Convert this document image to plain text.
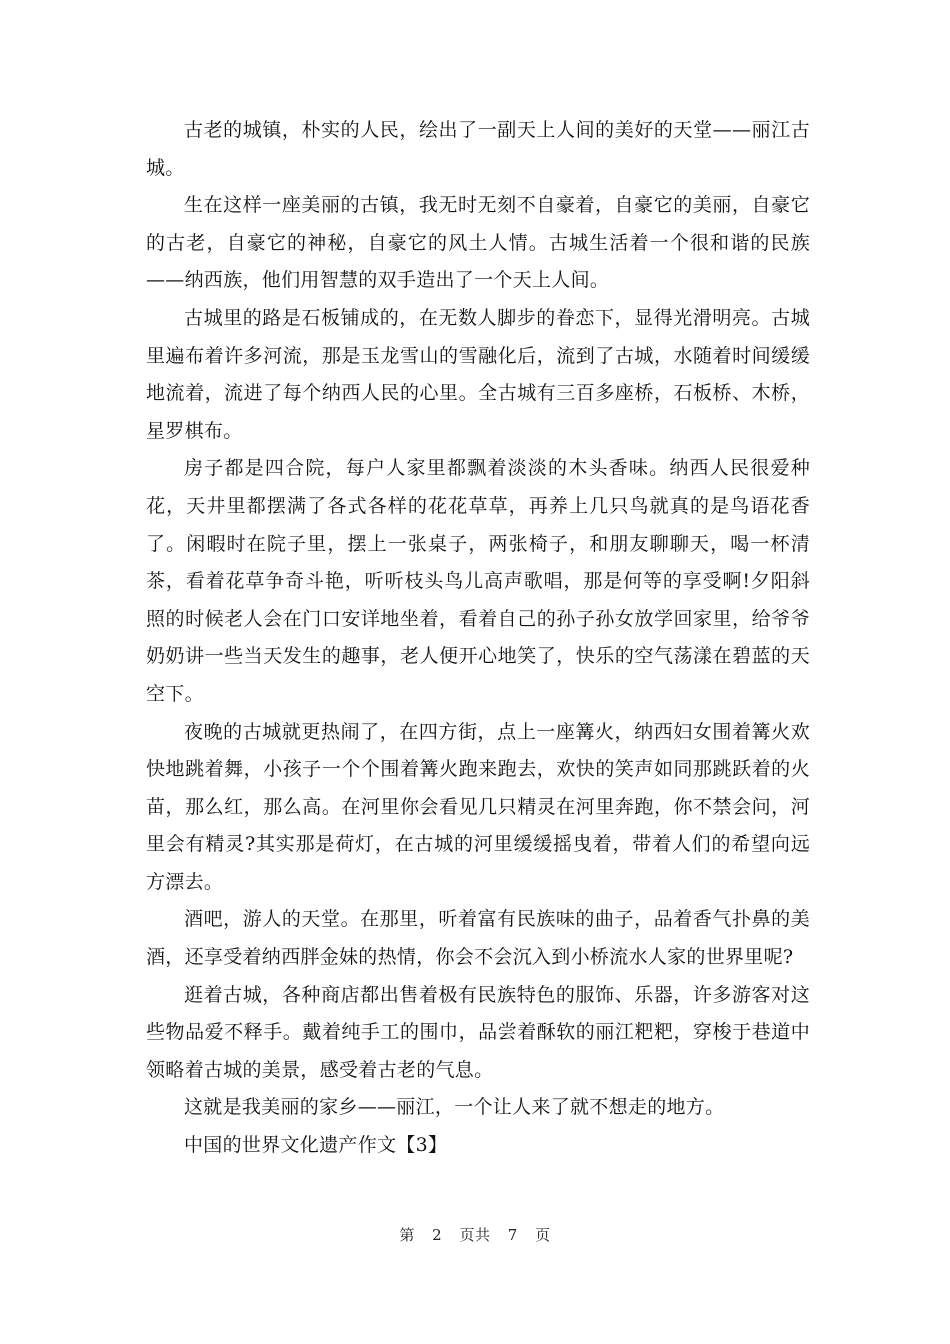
古老的城镇，朴实的人民，绘出了一副天上人间的美好的天堂——丽江古城。

生在这样一座美丽的古镇，我无时无刻不自豪着，自豪它的美丽，自豪它的古老，自豪它的神秘，自豪它的风土人情。古城生活着一个很和谐的民族——纳西族，他们用智慧的双手造出了一个天上人间。

古城里的路是石板铺成的，在无数人脚步的眷恋下，显得光滑明亮。古城里遍布着许多河流，那是玉龙雪山的雪融化后，流到了古城，水随着时间缓缓地流着，流进了每个纳西人民的心里。全古城有三百多座桥，石板桥、木桥，星罗棋布。

房子都是四合院，每户人家里都飘着淡淡的木头香味。纳西人民很爱种花，天井里都摆满了各式各样的花花草草，再养上几只鸟就真的是鸟语花香了。闲暇时在院子里，摆上一张桌子，两张椅子，和朋友聊聊天，喝一杯清茶，看着花草争奇斗艳，听听枝头鸟儿高声歌唱，那是何等的享受啊!夕阳斜照的时候老人会在门口安详地坐着，看着自己的孙子孙女放学回家里，给爷爷奶奶讲一些当天发生的趣事，老人便开心地笑了，快乐的空气荡漾在碧蓝的天空下。

夜晚的古城就更热闹了，在四方街，点上一座篝火，纳西妇女围着篝火欢快地跳着舞，小孩子一个个围着篝火跑来跑去，欢快的笑声如同那跳跃着的火苗，那么红，那么高。在河里你会看见几只精灵在河里奔跑，你不禁会问，河里会有精灵?其实那是荷灯，在古城的河里缓缓摇曳着，带着人们的希望向远方漂去。

酒吧，游人的天堂。在那里，听着富有民族味的曲子，品着香气扑鼻的美酒，还享受着纳西胖金妹的热情，你会不会沉入到小桥流水人家的世界里呢?

逛着古城，各种商店都出售着极有民族特色的服饰、乐器，许多游客对这些物品爱不释手。戴着纯手工的围巾，品尝着酥软的丽江粑粑，穿梭于巷道中领略着古城的美景，感受着古老的气息。

这就是我美丽的家乡——丽江，一个让人来了就不想走的地方。

中国的世界文化遗产作文【3】

第 2 页共 7 页
